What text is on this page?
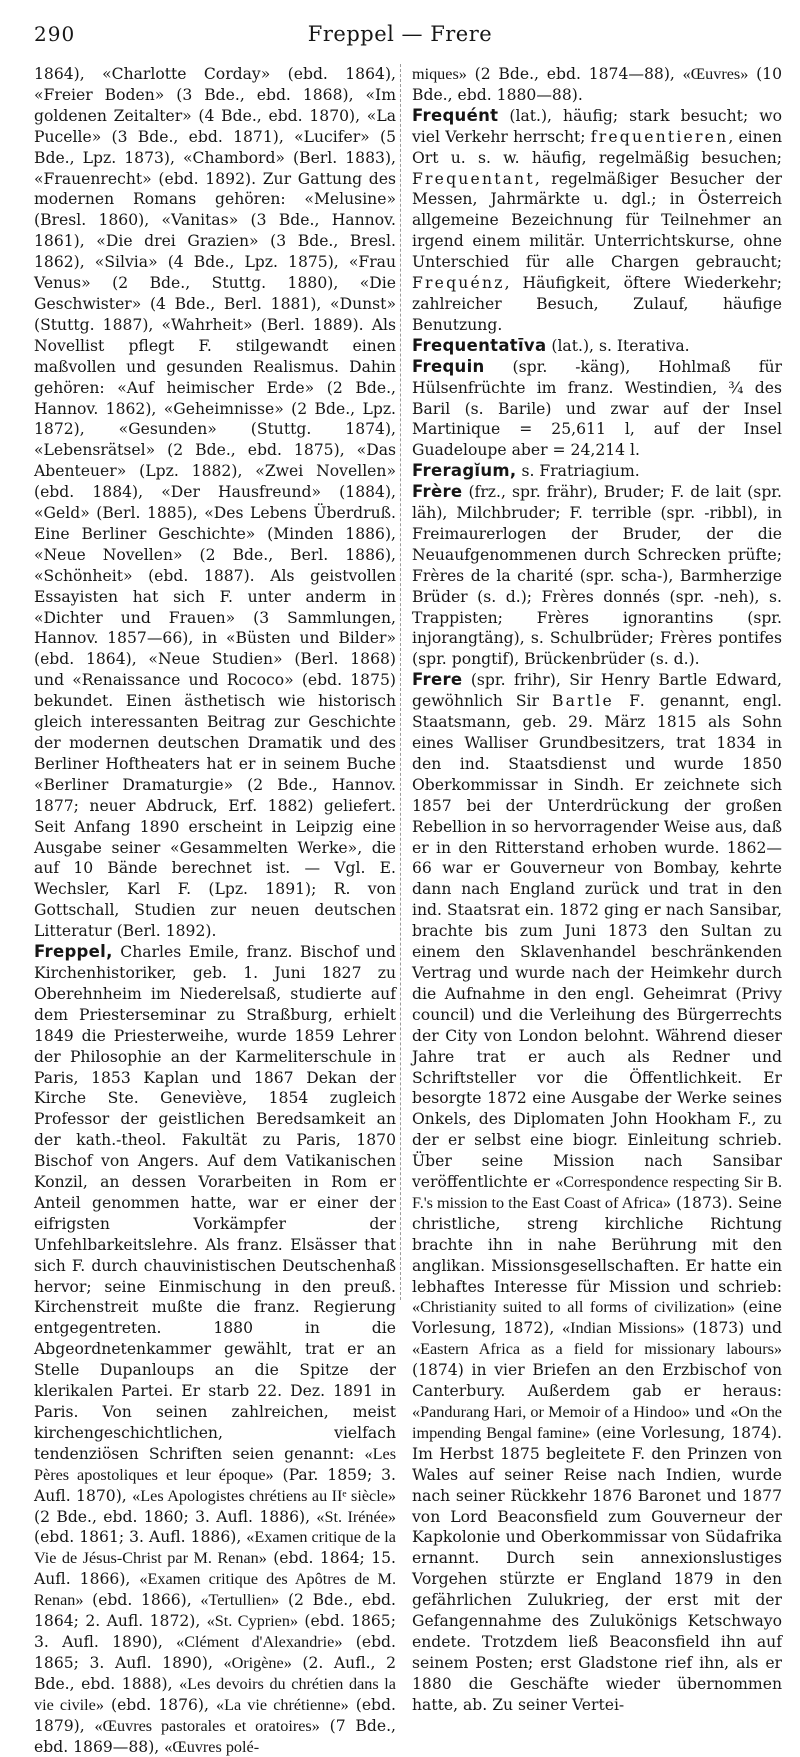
290	Freppel — Frere

1864), «Charlotte Corday» (ebd. 1864), «Freier Boden» (3 Bde., ebd. 1868), «Im goldenen Zeitalter» (4 Bde., ebd. 1870), «La Pucelle» (3 Bde., ebd. 1871), «Lucifer» (5 Bde., Lpz. 1873), «Chambord» (Berl. 1883), «Frauenrecht» (ebd. 1892). Zur Gattung des modernen Romans gehören: «Melusine» (Bresl. 1860), «Vanitas» (3 Bde., Hannov. 1861), «Die drei Grazien» (3 Bde., Bresl. 1862), «Silvia» (4 Bde., Lpz. 1875), «Frau Venus» (2 Bde., Stuttg. 1880), «Die Geschwister» (4 Bde., Berl. 1881), «Dunst» (Stuttg. 1887), «Wahrheit» (Berl. 1889). Als Novellist pflegt F. stilgewandt einen maßvollen und gesunden Realismus. Dahin gehören: «Auf heimischer Erde» (2 Bde., Hannov. 1862), «Geheimnisse» (2 Bde., Lpz. 1872), «Gesunden» (Stuttg. 1874), «Lebensrätsel» (2 Bde., ebd. 1875), «Das Abenteuer» (Lpz. 1882), «Zwei Novellen» (ebd. 1884), «Der Hausfreund» (1884), «Geld» (Berl. 1885), «Des Lebens Überdruß. Eine Berliner Geschichte» (Minden 1886), «Neue Novellen» (2 Bde., Berl. 1886), «Schönheit» (ebd. 1887). Als geistvollen Essayisten hat sich F. unter anderm in «Dichter und Frauen» (3 Sammlungen, Hannov. 1857—66), in «Büsten und Bilder» (ebd. 1864), «Neue Studien» (Berl. 1868) und «Renaissance und Rococo» (ebd. 1875) bekundet. Einen ästhetisch wie historisch gleich interessanten Beitrag zur Geschichte der modernen deutschen Dramatik und des Berliner Hoftheaters hat er in seinem Buche «Berliner Dramaturgie» (2 Bde., Hannov. 1877; neuer Abdruck, Erf. 1882) geliefert. Seit Anfang 1890 erscheint in Leipzig eine Ausgabe seiner «Gesammelten Werke», die auf 10 Bände berechnet ist. — Vgl. E. Wechsler, Karl F. (Lpz. 1891); R. von Gottschall, Studien zur neuen deutschen Litteratur (Berl. 1892).

Freppel, Charles Emile, franz. Bischof und Kirchenhistoriker, geb. 1. Juni 1827 zu Oberehnheim im Niederelsaß, studierte auf dem Priesterseminar zu Straßburg, erhielt 1849 die Priesterweihe, wurde 1859 Lehrer der Philosophie an der Karmeliterschule in Paris, 1853 Kaplan und 1867 Dekan der Kirche Ste. Geneviève, 1854 zugleich Professor der geistlichen Beredsamkeit an der kath.-theol. Fakultät zu Paris, 1870 Bischof von Angers. Auf dem Vatikanischen Konzil, an dessen Vorarbeiten in Rom er Anteil genommen hatte, war er einer der eifrigsten Vorkämpfer der Unfehlbarkeitslehre. Als franz. Elsässer that sich F. durch chauvinistischen Deutschenhaß hervor; seine Einmischung in den preuß. Kirchenstreit mußte die franz. Regierung entgegentreten. 1880 in die Abgeordnetenkammer gewählt, trat er an Stelle Dupanloups an die Spitze der klerikalen Partei. Er starb 22. Dez. 1891 in Paris. Von seinen zahlreichen, meist kirchengeschichtlichen, vielfach tendenziösen Schriften seien genannt: «Les Pères apostoliques et leur époque» (Par. 1859; 3. Aufl. 1870), «Les Apologistes chrétiens au IIᵉ siècle» (2 Bde., ebd. 1860; 3. Aufl. 1886), «St. Irénée» (ebd. 1861; 3. Aufl. 1886), «Examen critique de la Vie de Jésus-Christ par M. Renan» (ebd. 1864; 15. Aufl. 1866), «Examen critique des Apôtres de M. Renan» (ebd. 1866), «Tertullien» (2 Bde., ebd. 1864; 2. Aufl. 1872), «St. Cyprien» (ebd. 1865; 3. Aufl. 1890), «Clément d'Alexandrie» (ebd. 1865; 3. Aufl. 1890), «Origène» (2. Aufl., 2 Bde., ebd. 1888), «Les devoirs du chrétien dans la vie civile» (ebd. 1876), «La vie chrétienne» (ebd. 1879), «Œuvres pastorales et oratoires» (7 Bde., ebd. 1869—88), «Œuvres polé-

miques» (2 Bde., ebd. 1874—88), «Œuvres» (10 Bde., ebd. 1880—88).

Frequént (lat.), häufig; stark besucht; wo viel Verkehr herrscht; frequentieren, einen Ort u. s. w. häufig, regelmäßig besuchen; Frequentant, regelmäßiger Besucher der Messen, Jahrmärkte u. dgl.; in Österreich allgemeine Bezeichnung für Teilnehmer an irgend einem militär. Unterrichtskurse, ohne Unterschied für alle Chargen gebraucht; Frequénz, Häufigkeit, öftere Wiederkehr; zahlreicher Besuch, Zulauf, häufige Benutzung.

Frequentatīva (lat.), s. Iterativa.

Frequin (spr. -käng), Hohlmaß für Hülsenfrüchte im franz. Westindien, ¾ des Baril (s. Barile) und zwar auf der Insel Martinique = 25,611 l, auf der Insel Guadeloupe aber = 24,214 l.

Freragĭum, s. Fratriagium.

Frère (frz., spr. frähr), Bruder; F. de lait (spr. läh), Milchbruder; F. terrible (spr. -ribbl), in Freimaurerlogen der Bruder, der die Neuaufgenommenen durch Schrecken prüfte; Frères de la charité (spr. scha-), Barmherzige Brüder (s. d.); Frères donnés (spr. -neh), s. Trappisten; Frères ignorantins (spr. injorangtäng), s. Schulbrüder; Frères pontifes (spr. pongtif), Brückenbrüder (s. d.).

Frere (spr. frihr), Sir Henry Bartle Edward, gewöhnlich Sir Bartle F. genannt, engl. Staatsmann, geb. 29. März 1815 als Sohn eines Walliser Grundbesitzers, trat 1834 in den ind. Staatsdienst und wurde 1850 Oberkommissar in Sindh. Er zeichnete sich 1857 bei der Unterdrückung der großen Rebellion in so hervorragender Weise aus, daß er in den Ritterstand erhoben wurde. 1862—66 war er Gouverneur von Bombay, kehrte dann nach England zurück und trat in den ind. Staatsrat ein. 1872 ging er nach Sansibar, brachte bis zum Juni 1873 den Sultan zu einem den Sklavenhandel beschränkenden Vertrag und wurde nach der Heimkehr durch die Aufnahme in den engl. Geheimrat (Privy council) und die Verleihung des Bürgerrechts der City von London belohnt. Während dieser Jahre trat er auch als Redner und Schriftsteller vor die Öffentlichkeit. Er besorgte 1872 eine Ausgabe der Werke seines Onkels, des Diplomaten John Hookham F., zu der er selbst eine biogr. Einleitung schrieb. Über seine Mission nach Sansibar veröffentlichte er «Correspondence respecting Sir B. F.'s mission to the East Coast of Africa» (1873). Seine christliche, streng kirchliche Richtung brachte ihn in nahe Berührung mit den anglikan. Missionsgesellschaften. Er hatte ein lebhaftes Interesse für Mission und schrieb: «Christianity suited to all forms of civilization» (eine Vorlesung, 1872), «Indian Missions» (1873) und «Eastern Africa as a field for missionary labours» (1874) in vier Briefen an den Erzbischof von Canterbury. Außerdem gab er heraus: «Pandurang Hari, or Memoir of a Hindoo» und «On the impending Bengal famine» (eine Vorlesung, 1874). Im Herbst 1875 begleitete F. den Prinzen von Wales auf seiner Reise nach Indien, wurde nach seiner Rückkehr 1876 Baronet und 1877 von Lord Beaconsfield zum Gouverneur der Kapkolonie und Oberkommissar von Südafrika ernannt. Durch sein annexionslustiges Vorgehen stürzte er England 1879 in den gefährlichen Zulukrieg, der erst mit der Gefangennahme des Zulukönigs Ketschwayo endete. Trotzdem ließ Beaconsfield ihn auf seinem Posten; erst Gladstone rief ihn, als er 1880 die Geschäfte wieder übernommen hatte, ab. Zu seiner Vertei-
